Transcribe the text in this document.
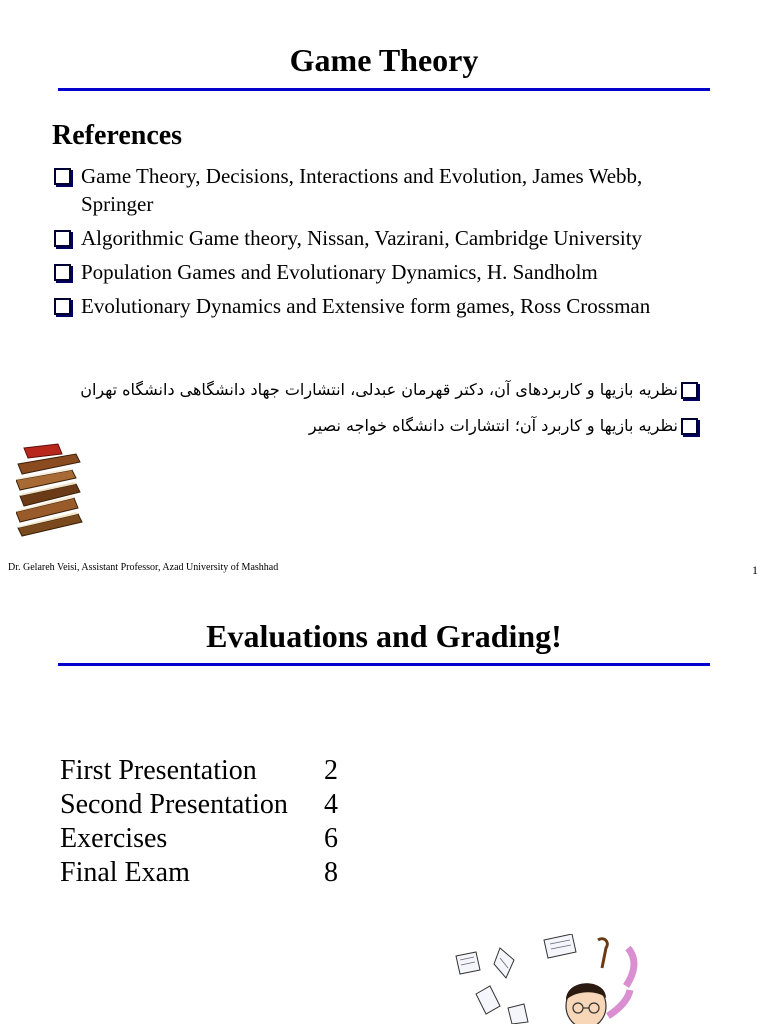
Game Theory
References
Game Theory, Decisions, Interactions and Evolution, James Webb, Springer
Algorithmic Game theory, Nissan, Vazirani, Cambridge University
Population Games and Evolutionary Dynamics, H. Sandholm
Evolutionary Dynamics and Extensive form games, Ross Crossman
نظریه بازیها و کاربردهای آن، دکتر قهرمان عبدلی، انتشارات جهاد دانشگاهی دانشگاه تهران
نظریه بازیها و کاربرد آن؛ انتشارات دانشگاه خواجه نصیر
Dr. Gelareh Veisi, Assistant Professor, Azad University of Mashhad	1
Evaluations and Grading!
First Presentation 2
Second Presentation 4
Exercises	6
Final Exam	8
